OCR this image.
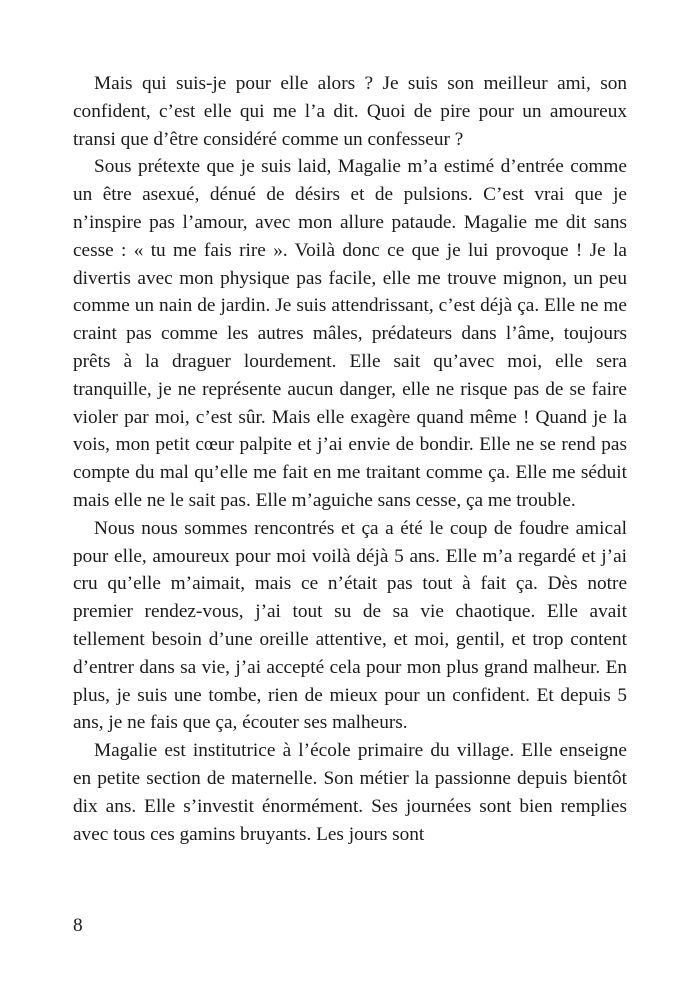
Mais qui suis-je pour elle alors ? Je suis son meilleur ami, son confident, c’est elle qui me l’a dit. Quoi de pire pour un amoureux transi que d’être considéré comme un confesseur ?

Sous prétexte que je suis laid, Magalie m’a estimé d’entrée comme un être asexué, dénué de désirs et de pulsions. C’est vrai que je n’inspire pas l’amour, avec mon allure pataude. Magalie me dit sans cesse : « tu me fais rire ». Voilà donc ce que je lui provoque ! Je la divertis avec mon physique pas facile, elle me trouve mignon, un peu comme un nain de jardin. Je suis attendrissant, c’est déjà ça. Elle ne me craint pas comme les autres mâles, prédateurs dans l’âme, toujours prêts à la draguer lourdement. Elle sait qu’avec moi, elle sera tranquille, je ne représente aucun danger, elle ne risque pas de se faire violer par moi, c’est sûr. Mais elle exagère quand même ! Quand je la vois, mon petit cœur palpite et j’ai envie de bondir. Elle ne se rend pas compte du mal qu’elle me fait en me traitant comme ça. Elle me séduit mais elle ne le sait pas. Elle m’aguiche sans cesse, ça me trouble.

Nous nous sommes rencontrés et ça a été le coup de foudre amical pour elle, amoureux pour moi voilà déjà 5 ans. Elle m’a regardé et j’ai cru qu’elle m’aimait, mais ce n’était pas tout à fait ça. Dès notre premier rendez-vous, j’ai tout su de sa vie chaotique. Elle avait tellement besoin d’une oreille attentive, et moi, gentil, et trop content d’entrer dans sa vie, j’ai accepté cela pour mon plus grand malheur. En plus, je suis une tombe, rien de mieux pour un confident. Et depuis 5 ans, je ne fais que ça, écouter ses malheurs.

Magalie est institutrice à l’école primaire du village. Elle enseigne en petite section de maternelle. Son métier la passionne depuis bientôt dix ans. Elle s’investit énormément. Ses journées sont bien remplies avec tous ces gamins bruyants. Les jours sont

8
